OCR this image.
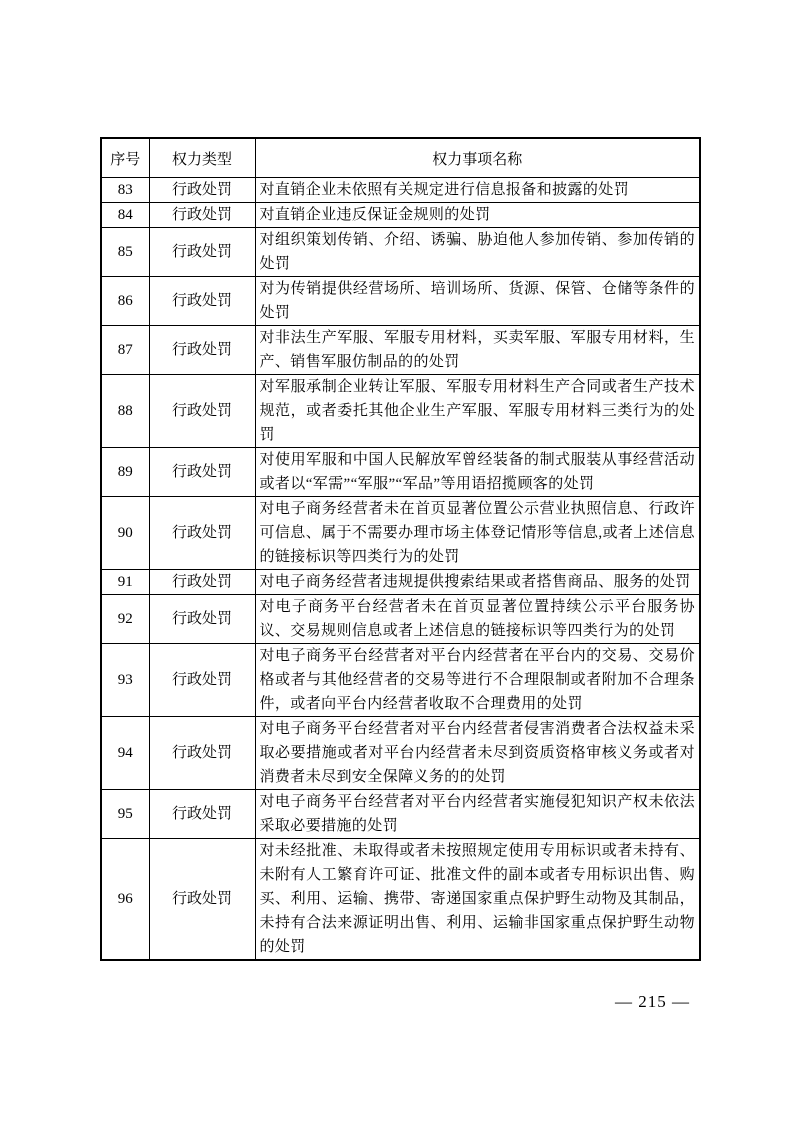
序号	权力类型	权力事项名称
83	行政处罚	对直销企业未依照有关规定进行信息报备和披露的处罚
84	行政处罚	对直销企业违反保证金规则的处罚
85	行政处罚	对组织策划传销、介绍、诱骗、胁迫他人参加传销、参加传销的处罚
86	行政处罚	对为传销提供经营场所、培训场所、货源、保管、仓储等条件的处罚
87	行政处罚	对非法生产军服、军服专用材料，买卖军服、军服专用材料，生产、销售军服仿制品的的处罚
88	行政处罚	对军服承制企业转让军服、军服专用材料生产合同或者生产技术规范，或者委托其他企业生产军服、军服专用材料三类行为的处罚
89	行政处罚	对使用军服和中国人民解放军曾经装备的制式服装从事经营活动或者以“军需”“军服”“军品”等用语招揽顾客的处罚
90	行政处罚	对电子商务经营者未在首页显著位置公示营业执照信息、行政许可信息、属于不需要办理市场主体登记情形等信息,或者上述信息的链接标识等四类行为的处罚
91	行政处罚	对电子商务经营者违规提供搜索结果或者搭售商品、服务的处罚
92	行政处罚	对电子商务平台经营者未在首页显著位置持续公示平台服务协议、交易规则信息或者上述信息的链接标识等四类行为的处罚
93	行政处罚	对电子商务平台经营者对平台内经营者在平台内的交易、交易价格或者与其他经营者的交易等进行不合理限制或者附加不合理条件，或者向平台内经营者收取不合理费用的处罚
94	行政处罚	对电子商务平台经营者对平台内经营者侵害消费者合法权益未采取必要措施或者对平台内经营者未尽到资质资格审核义务或者对消费者未尽到安全保障义务的的处罚
95	行政处罚	对电子商务平台经营者对平台内经营者实施侵犯知识产权未依法采取必要措施的处罚
96	行政处罚	对未经批准、未取得或者未按照规定使用专用标识或者未持有、未附有人工繁育许可证、批准文件的副本或者专用标识出售、购买、利用、运输、携带、寄递国家重点保护野生动物及其制品，未持有合法来源证明出售、利用、运输非国家重点保护野生动物的处罚
— 215 —
